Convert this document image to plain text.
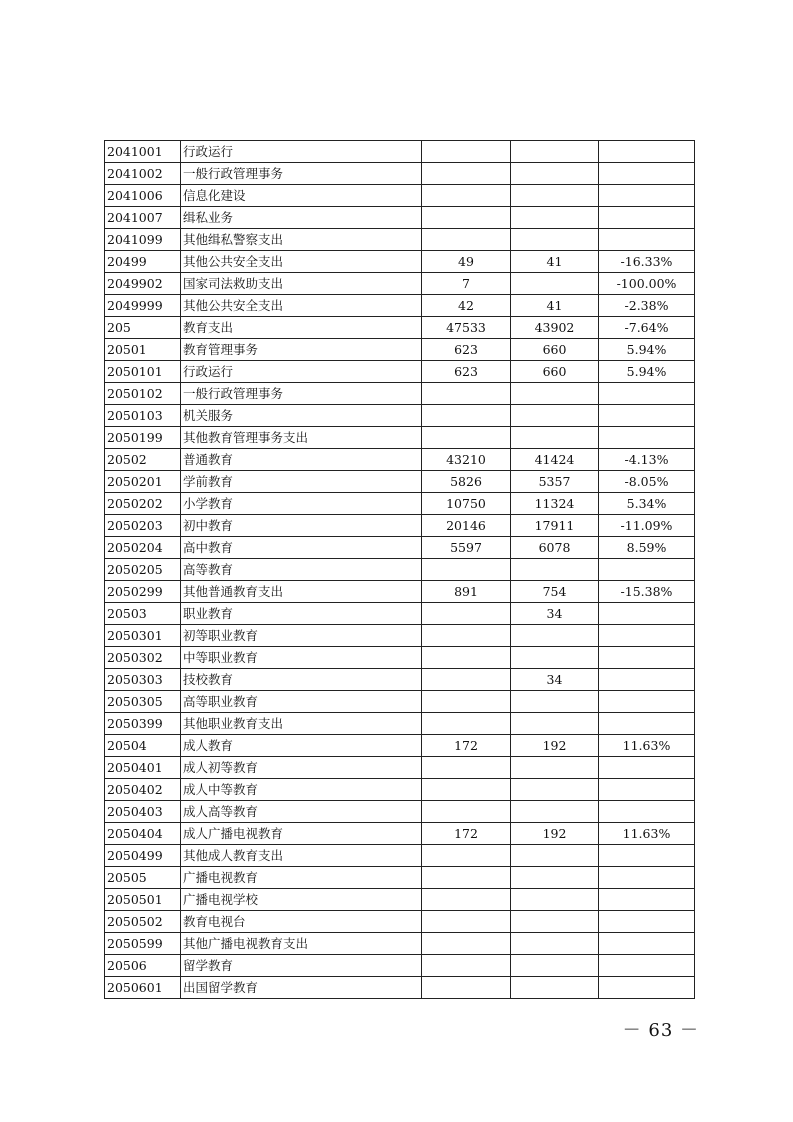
2041001	行政运行			
2041002	一般行政管理事务			
2041006	信息化建设			
2041007	缉私业务			
2041099	其他缉私警察支出			
20499	其他公共安全支出	49	41	-16.33%
2049902	国家司法救助支出	7		-100.00%
2049999	其他公共安全支出	42	41	-2.38%
205	教育支出	47533	43902	-7.64%
20501	教育管理事务	623	660	5.94%
2050101	行政运行	623	660	5.94%
2050102	一般行政管理事务			
2050103	机关服务			
2050199	其他教育管理事务支出			
20502	普通教育	43210	41424	-4.13%
2050201	学前教育	5826	5357	-8.05%
2050202	小学教育	10750	11324	5.34%
2050203	初中教育	20146	17911	-11.09%
2050204	高中教育	5597	6078	8.59%
2050205	高等教育			
2050299	其他普通教育支出	891	754	-15.38%
20503	职业教育		34	
2050301	初等职业教育			
2050302	中等职业教育			
2050303	技校教育		34	
2050305	高等职业教育			
2050399	其他职业教育支出			
20504	成人教育	172	192	11.63%
2050401	成人初等教育			
2050402	成人中等教育			
2050403	成人高等教育			
2050404	成人广播电视教育	172	192	11.63%
2050499	其他成人教育支出			
20505	广播电视教育			
2050501	广播电视学校			
2050502	教育电视台			
2050599	其他广播电视教育支出			
20506	留学教育			
2050601	出国留学教育			
－ 63 －
